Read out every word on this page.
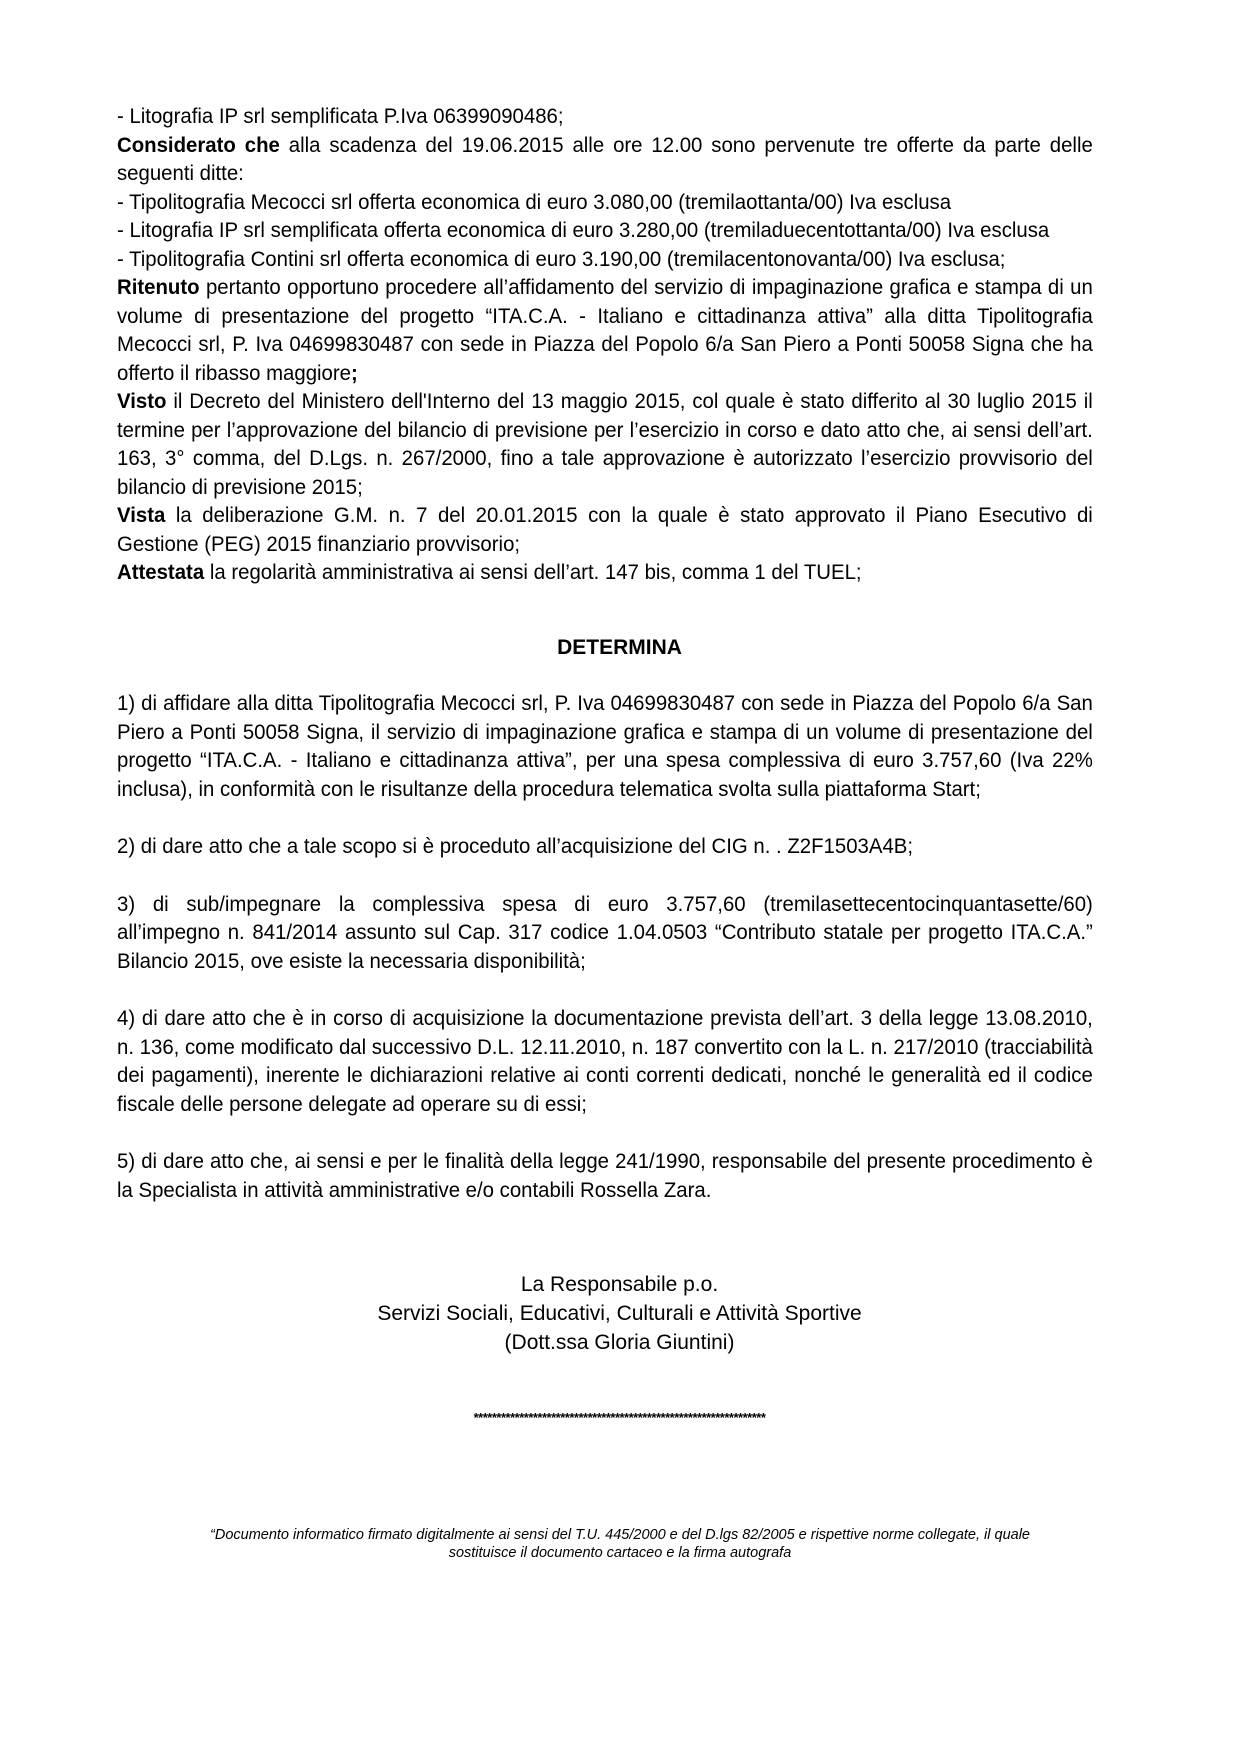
- Litografia IP srl semplificata P.Iva 06399090486;

Considerato che alla scadenza del 19.06.2015 alle ore 12.00 sono pervenute tre offerte da parte delle seguenti ditte:

- Tipolitografia Mecocci srl offerta economica di euro 3.080,00 (tremilaottanta/00) Iva esclusa

- Litografia IP srl semplificata offerta economica di euro 3.280,00 (tremiladuecentottanta/00) Iva esclusa

- Tipolitografia Contini srl offerta economica di euro 3.190,00 (tremilacentonovanta/00) Iva esclusa;

Ritenuto pertanto opportuno procedere all’affidamento del servizio di impaginazione grafica e stampa di un volume di presentazione del progetto “ITA.C.A. - Italiano e cittadinanza attiva” alla ditta Tipolitografia Mecocci srl, P. Iva 04699830487 con sede in Piazza del Popolo 6/a San Piero a Ponti 50058 Signa che ha offerto il ribasso maggiore;

Visto il Decreto del Ministero dell'Interno del 13 maggio 2015, col quale è stato differito al 30 luglio 2015 il termine per l’approvazione del bilancio di previsione per l’esercizio in corso e dato atto che, ai sensi dell’art. 163, 3° comma, del D.Lgs. n. 267/2000, fino a tale approvazione è autorizzato l’esercizio provvisorio del bilancio di previsione 2015;

Vista la deliberazione G.M. n. 7 del 20.01.2015 con la quale è stato approvato il Piano Esecutivo di Gestione (PEG) 2015 finanziario provvisorio;

Attestata la regolarità amministrativa ai sensi dell’art. 147 bis, comma 1 del TUEL;

DETERMINA

1) di affidare alla ditta Tipolitografia Mecocci srl, P. Iva 04699830487 con sede in Piazza del Popolo 6/a San Piero a Ponti 50058 Signa, il servizio di impaginazione grafica e stampa di un volume di presentazione del progetto “ITA.C.A. - Italiano e cittadinanza attiva”, per una spesa complessiva di euro 3.757,60 (Iva 22% inclusa), in conformità con le risultanze della procedura telematica svolta sulla piattaforma Start;

2) di dare atto che a tale scopo si è proceduto all’acquisizione del CIG n. . Z2F1503A4B;

3) di sub/impegnare la complessiva spesa di euro 3.757,60 (tremilasettecentocinquantasette/60) all’impegno n. 841/2014 assunto sul Cap. 317 codice 1.04.0503 “Contributo statale per progetto ITA.C.A.” Bilancio 2015, ove esiste la necessaria disponibilità;

4) di dare atto che è in corso di acquisizione la documentazione prevista dell’art. 3 della legge 13.08.2010, n. 136, come modificato dal successivo D.L. 12.11.2010, n. 187 convertito con la L. n. 217/2010 (tracciabilità dei pagamenti), inerente le dichiarazioni relative ai conti correnti dedicati, nonché le generalità ed il codice fiscale delle persone delegate ad operare su di essi;

5) di dare atto che, ai sensi e per le finalità della legge 241/1990, responsabile del presente procedimento è la Specialista in attività amministrative e/o contabili Rossella Zara.

La Responsabile p.o.
Servizi Sociali, Educativi, Culturali e Attività Sportive
(Dott.ssa Gloria Giuntini)
****************************************************************
“Documento informatico firmato digitalmente ai sensi del T.U. 445/2000 e del D.lgs 82/2005 e rispettive norme collegate, il quale
sostituisce il documento cartaceo e la firma autografa
